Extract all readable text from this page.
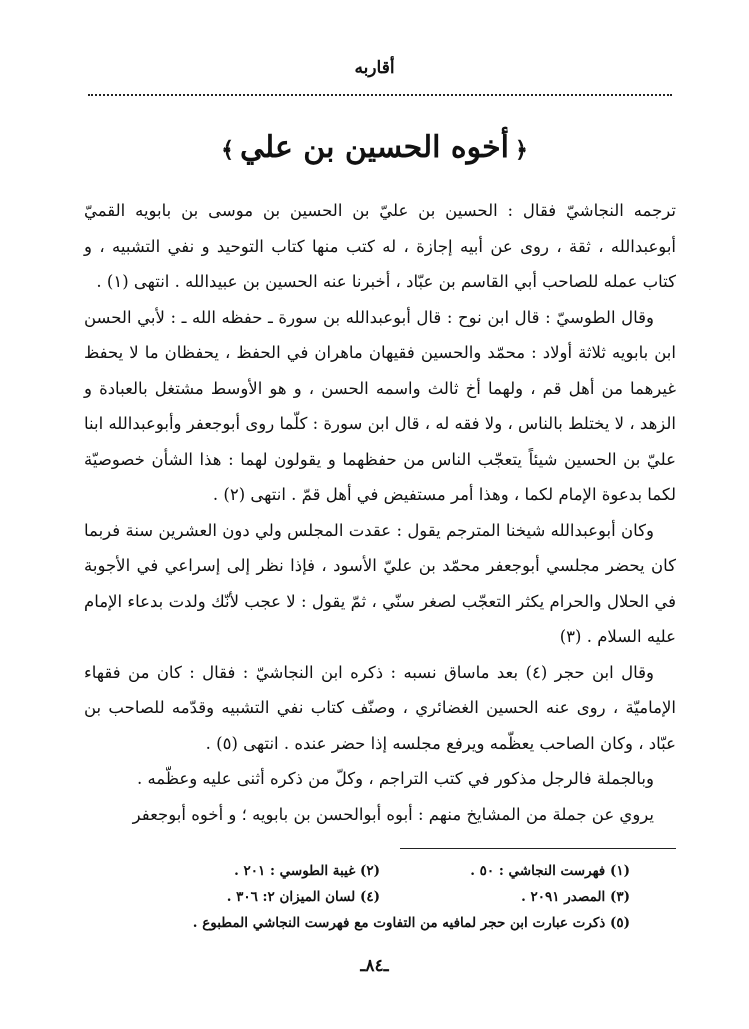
أقاربه
﴿أخوه الحسين بن علي﴾

ترجمه النجاشيّ فقال : الحسين بن عليّ بن الحسين بن موسى بن بابويه القميّ أبوعبدالله ، ثقة ، روى عن أبيه إجازة ، له كتب منها كتاب التوحيد و نفي التشبيه ، و كتاب عمله للصاحب أبي القاسم بن عبّاد ، أخبرنا عنه الحسين بن عبيدالله . انتهى (١) .

وقال الطوسيّ : قال ابن نوح : قال أبوعبدالله بن سورة ـ حفظه الله ـ : لأبي الحسن ابن بابويه ثلاثة أولاد : محمّد والحسين فقيهان ماهران في الحفظ ، يحفظان ما لا يحفظ غيرهما من أهل قم ، ولهما أخ ثالث واسمه الحسن ، و هو الأوسط مشتغل بالعبادة و الزهد ، لا يختلط بالناس ، ولا فقه له ، قال ابن سورة : كلّما روى أبوجعفر وأبوعبدالله ابنا عليّ بن الحسين شيئاً يتعجّب الناس من حفظهما و يقولون لهما : هذا الشأن خصوصيّة لكما بدعوة الإمام لكما ، وهذا أمر مستفيض في أهل قمّ . انتهى (٢) .

وكان أبوعبدالله شيخنا المترجم يقول : عقدت المجلس ولي دون العشرين سنة فربما كان يحضر مجلسي أبوجعفر محمّد بن عليّ الأسود ، فإذا نظر إلى إسراعي في الأجوبة في الحلال والحرام يكثر التعجّب لصغر سنّي ، ثمّ يقول : لا عجب لأنّك ولدت بدعاء الإمام عليه السلام . (٣)

وقال ابن حجر (٤) بعد ماساق نسبه : ذكره ابن النجاشيّ : فقال : كان من فقهاء الإماميّة ، روى عنه الحسين الغضائري ، وصنّف كتاب نفي التشبيه وقدّمه للصاحب بن عبّاد ، وكان الصاحب يعظّمه ويرفع مجلسه إذا حضر عنده . انتهى (٥) .

وبالجملة فالرجل مذكور في كتب التراجم ، وكلّ من ذكره أثنى عليه وعظّمه .

يروي عن جملة من المشايخ منهم : أبوه أبوالحسن بن بابويه ؛ و أخوه أبوجعفر

(١) فهرست النجاشي : ٥٠ .
(٢) غيبة الطوسي : ٢٠١ .
(٣) المصدر ٢٠٩١ .
(٤) لسان الميزان ٢: ٣٠٦ .
(٥) ذكرت عبارت ابن حجر لمافيه من التفاوت مع فهرست النجاشي المطبوع .
ـ٨٤ـ
